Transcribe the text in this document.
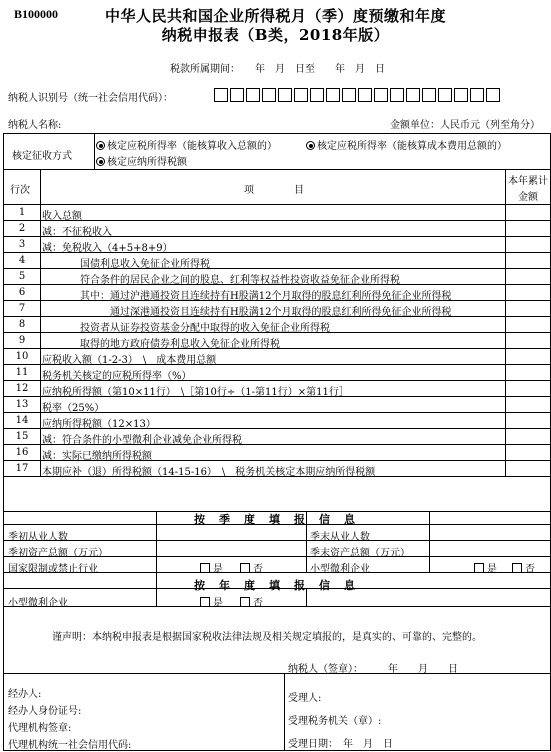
B100000	中华人民共和国企业所得税月（季）度预缴和年度
纳税申报表（B类，2018年版）
税款所属期间：　　年　月　日至　　年　月　日
纳税人识别号（统一社会信用代码）：
纳税人名称:	金额单位：人民币元（列至角分）
核定征收方式
核定应税所得率（能核算收入总额的）	核定应税所得率（能核算成本费用总额的）
核定应纳所得税额
行次	项　　　　目
本年累计
金额
1	收入总额
2	减：不征税收入
3	减：免税收入（4+5+8+9）
4	国债利息收入免征企业所得税
5	符合条件的居民企业之间的股息、红利等权益性投资收益免征企业所得税
6	其中：通过沪港通投资且连续持有H股满12个月取得的股息红利所得免征企业所得税
7	通过深港通投资且连续持有H股满12个月取得的股息红利所得免征企业所得税
8	投资者从证券投资基金分配中取得的收入免征企业所得税
9	取得的地方政府债券利息收入免征企业所得税
10	应税收入额（1-2-3）　\　成本费用总额
11	税务机关核定的应税所得率（%）
12	应纳税所得额（第10×11行）　\［第10行÷（1-第11行）×第11行］
13	税率（25%）
14	应纳所得税额（12×13）
15	减：符合条件的小型微利企业减免企业所得税
16	减：实际已缴纳所得税额
17	本期应补（退）所得税额（14-15-16）　\　税务机关核定本期应纳所得税额
按季度填报信息
季初从业人数	季末从业人数
季初资产总额（万元）	季末资产总额（万元）
国家限制或禁止行业	是	否	小型微利企业	是	否
按年度填报信息
小型微利企业	是	否
谨声明：本纳税申报表是根据国家税收法律法规及相关规定填报的，是真实的、可靠的、完整的。
纳税人（签章）：　　　年　　月　　日
经办人:
经办人身份证号:
代理机构签章:
代理机构统一社会信用代码:
受理人:
受理税务机关（章）:
受理日期：　年　月　日
